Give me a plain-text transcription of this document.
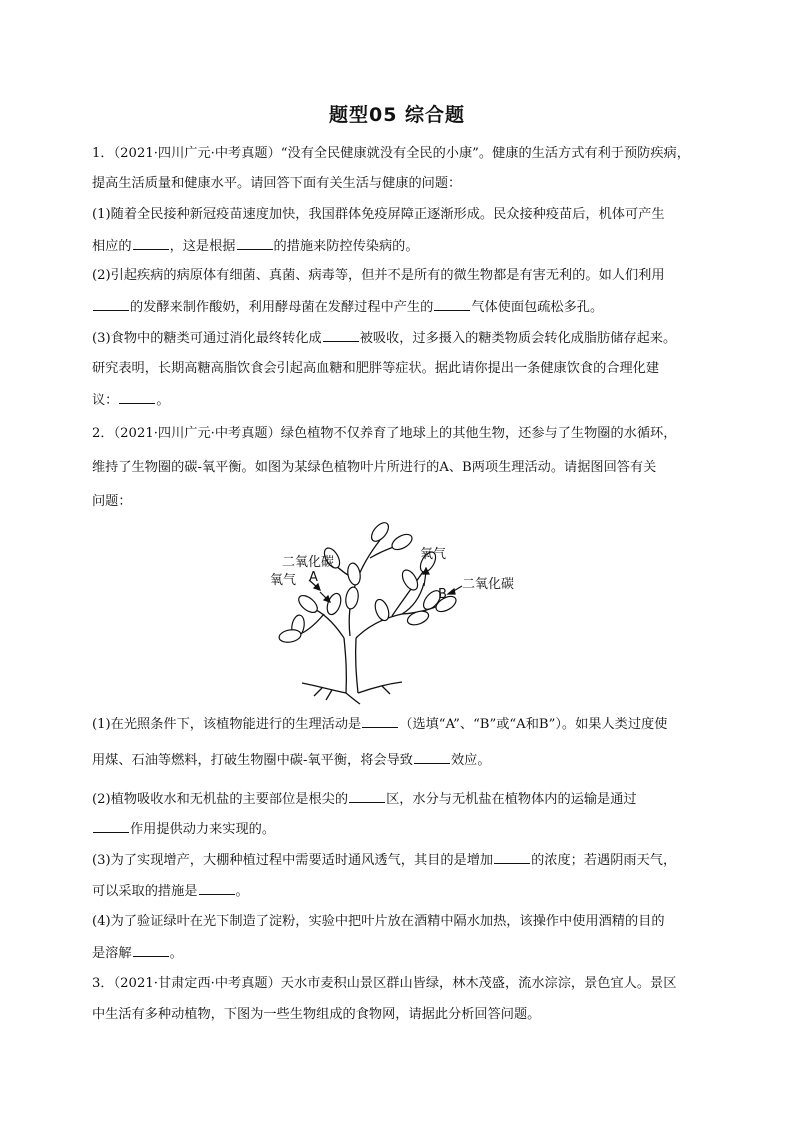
题型05 综合题
1．（2021·四川广元·中考真题）“没有全民健康就没有全民的小康”。健康的生活方式有利于预防疾病，
提高生活质量和健康水平。请回答下面有关生活与健康的问题：
(1)随着全民接种新冠疫苗速度加快，我国群体免疫屏障正逐渐形成。民众接种疫苗后，机体可产生
相应的	，这是根据	的措施来防控传染病的。
(2)引起疾病的病原体有细菌、真菌、病毒等，但并不是所有的微生物都是有害无利的。如人们利用
的发酵来制作酸奶，利用酵母菌在发酵过程中产生的	气体使面包疏松多孔。
(3)食物中的糖类可通过消化最终转化成	被吸收，过多摄入的糖类物质会转化成脂肪储存起来。
研究表明，长期高糖高脂饮食会引起高血糖和肥胖等症状。据此请你提出一条健康饮食的合理化建
议：	。
2．（2021·四川广元·中考真题）绿色植物不仅养育了地球上的其他生物，还参与了生物圈的水循环，
维持了生物圈的碳-氧平衡。如图为某绿色植物叶片所进行的A、B两项生理活动。请据图回答有关
问题：
二氧化碳
氧气 A
氧气
B
二氧化碳
(1)在光照条件下，该植物能进行的生理活动是	（选填“A”、“B”或“A和B”）。如果人类过度使
用煤、石油等燃料，打破生物圈中碳-氧平衡，将会导致	效应。
(2)植物吸收水和无机盐的主要部位是根尖的	区，水分与无机盐在植物体内的运输是通过
作用提供动力来实现的。
(3)为了实现增产，大棚种植过程中需要适时通风透气，其目的是增加	的浓度；若遇阴雨天气，
可以采取的措施是	。
(4)为了验证绿叶在光下制造了淀粉，实验中把叶片放在酒精中隔水加热，该操作中使用酒精的目的
是溶解	。
3．（2021·甘肃定西·中考真题）天水市麦积山景区群山皆绿，林木茂盛，流水淙淙，景色宜人。景区
中生活有多种动植物，下图为一些生物组成的食物网，请据此分析回答问题。
